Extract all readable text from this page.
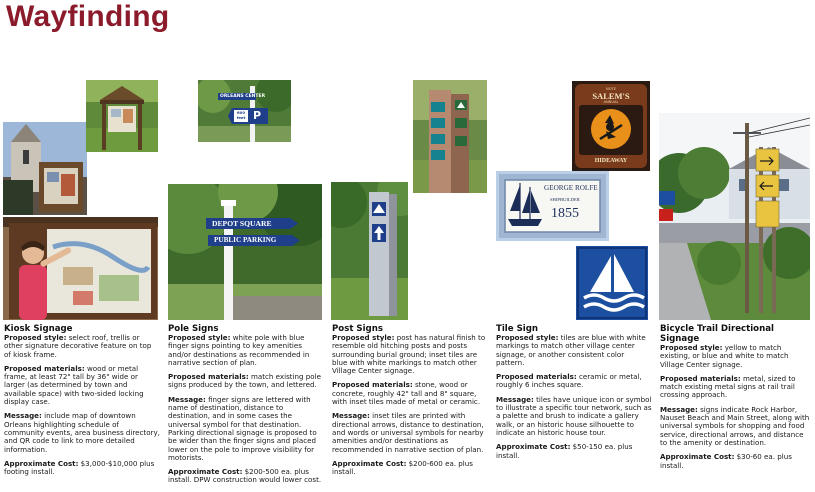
Wayfinding
ORLEANS CENTER
600 feet P
DEPOT SQUARE
PUBLIC PARKING
NOTE
SALEM'S
ANNUAL
HIDEAWAY
GEORGE ROLFE
SHIPBUILDER
1855
Kiosk Signage

Proposed style: select roof, trellis or other signature decorative feature on top of kiosk frame.

Proposed materials: wood or metal frame, at least 72" tall by 36" wide or larger (as determined by town and available space) with two-sided locking display case.

Message: include map of downtown Orleans highlighting schedule of community events, area business directory, and QR code to link to more detailed information.

Approximate Cost: $3,000-$10,000 plus footing install.

Pole Signs

Proposed style: white pole with blue finger signs pointing to key amenities and/or destinations as recommended in narrative section of plan.

Proposed materials: match existing pole signs produced by the town, and lettered.

Message: finger signs are lettered with name of destination, distance to destination, and in some cases the universal symbol for that destination. Parking directional signage is proposed to be wider than the finger signs and placed lower on the pole to improve visibility for motorists.

Approximate Cost: $200-500 ea. plus install. DPW construction would lower cost.

Post Signs

Proposed style: post has natural finish to resemble old hitching posts and posts surrounding burial ground; inset tiles are blue with white markings to match other Village Center signage.

Proposed materials: stone, wood or concrete, roughly 42" tall and 8" square, with inset tiles made of metal or ceramic.

Message: inset tiles are printed with directional arrows, distance to destination, and words or universal symbols for nearby amenities and/or destinations as recommended in narrative section of plan.

Approximate Cost: $200-600 ea. plus install.

Tile Sign

Proposed style: tiles are blue with white markings to match other village center signage, or another consistent color pattern.

Proposed materials: ceramic or metal, roughly 6 inches square.

Message: tiles have unique icon or symbol to illustrate a specific tour network, such as a palette and brush to indicate a gallery walk, or an historic house silhouette to indicate an historic house tour.

Approximate Cost: $50-150 ea. plus install.

Bicycle Trail Directional Signage

Proposed style: yellow to match existing, or blue and white to match Village Center signage.

Proposed materials: metal, sized to match existing metal signs at rail trail crossing approach.

Message: signs indicate Rock Harbor, Nauset Beach and Main Street, along with universal symbols for shopping and food service, directional arrows, and distance to the amenity or destination.

Approximate Cost: $30-60 ea. plus install.
